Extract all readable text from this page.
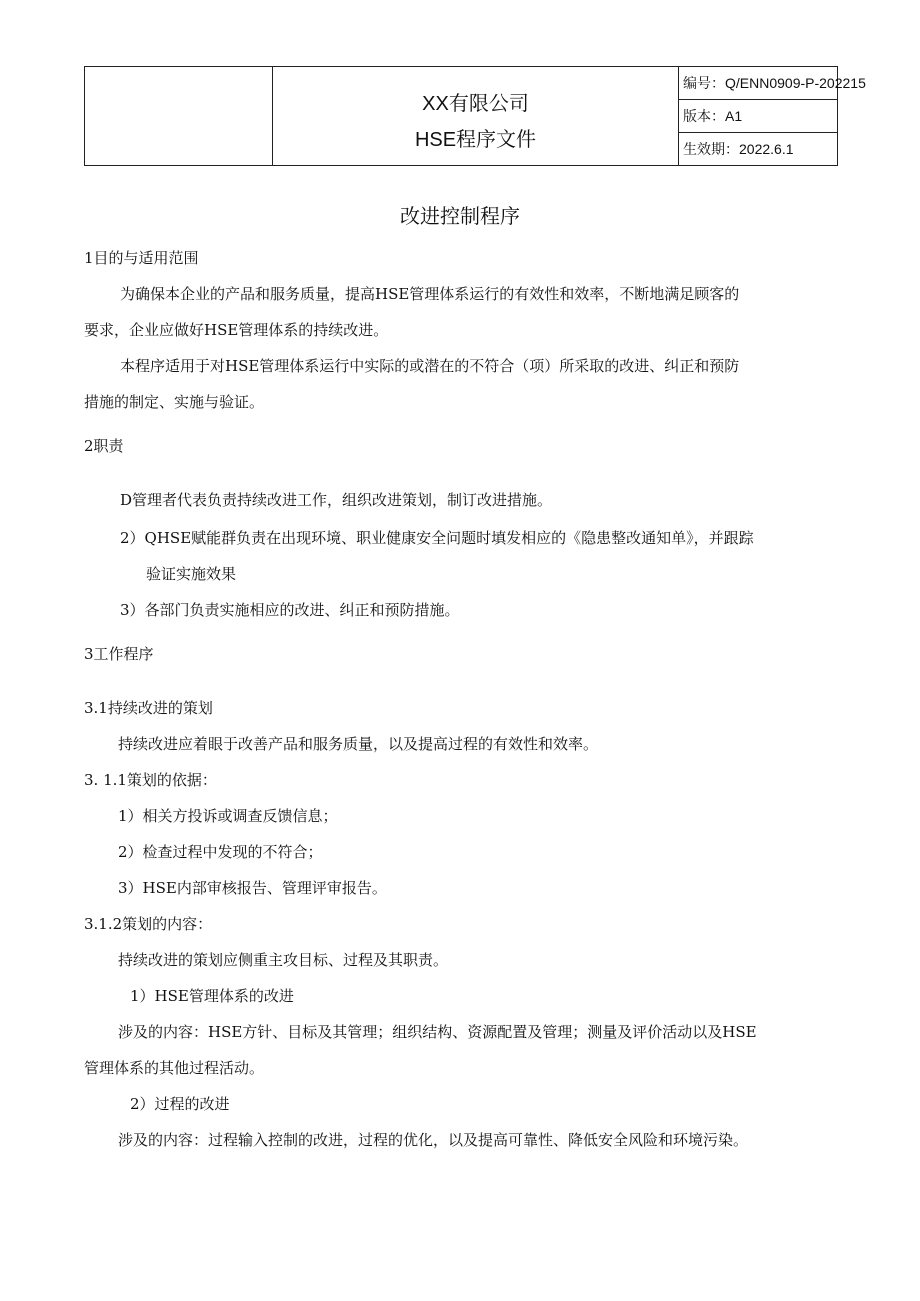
XX有限公司
HSE程序文件
编号：Q/ENN0909-P-202215
版本：A1
生效期：2022.6.1
改进控制程序
1目的与适用范围
为确保本企业的产品和服务质量，提高HSE管理体系运行的有效性和效率，不断地满足顾客的
要求，企业应做好HSE管理体系的持续改进。
本程序适用于对HSE管理体系运行中实际的或潜在的不符合（项）所采取的改进、纠正和预防
措施的制定、实施与验证。
2职责
D管理者代表负责持续改进工作，组织改进策划，制订改进措施。
2）QHSE赋能群负责在出现环境、职业健康安全问题时填发相应的《隐患整改通知单》，并跟踪
验证实施效果
3）各部门负责实施相应的改进、纠正和预防措施。
3工作程序
3.1持续改进的策划
持续改进应着眼于改善产品和服务质量，以及提高过程的有效性和效率。
3. 1.1策划的依据：
1）相关方投诉或调查反馈信息；
2）检查过程中发现的不符合；
3）HSE内部审核报告、管理评审报告。
3.1.2策划的内容：
持续改进的策划应侧重主攻目标、过程及其职责。
1）HSE管理体系的改进
涉及的内容：HSE方针、目标及其管理；组织结构、资源配置及管理；测量及评价活动以及HSE
管理体系的其他过程活动。
2）过程的改进
涉及的内容：过程输入控制的改进，过程的优化，以及提高可靠性、降低安全风险和环境污染。
